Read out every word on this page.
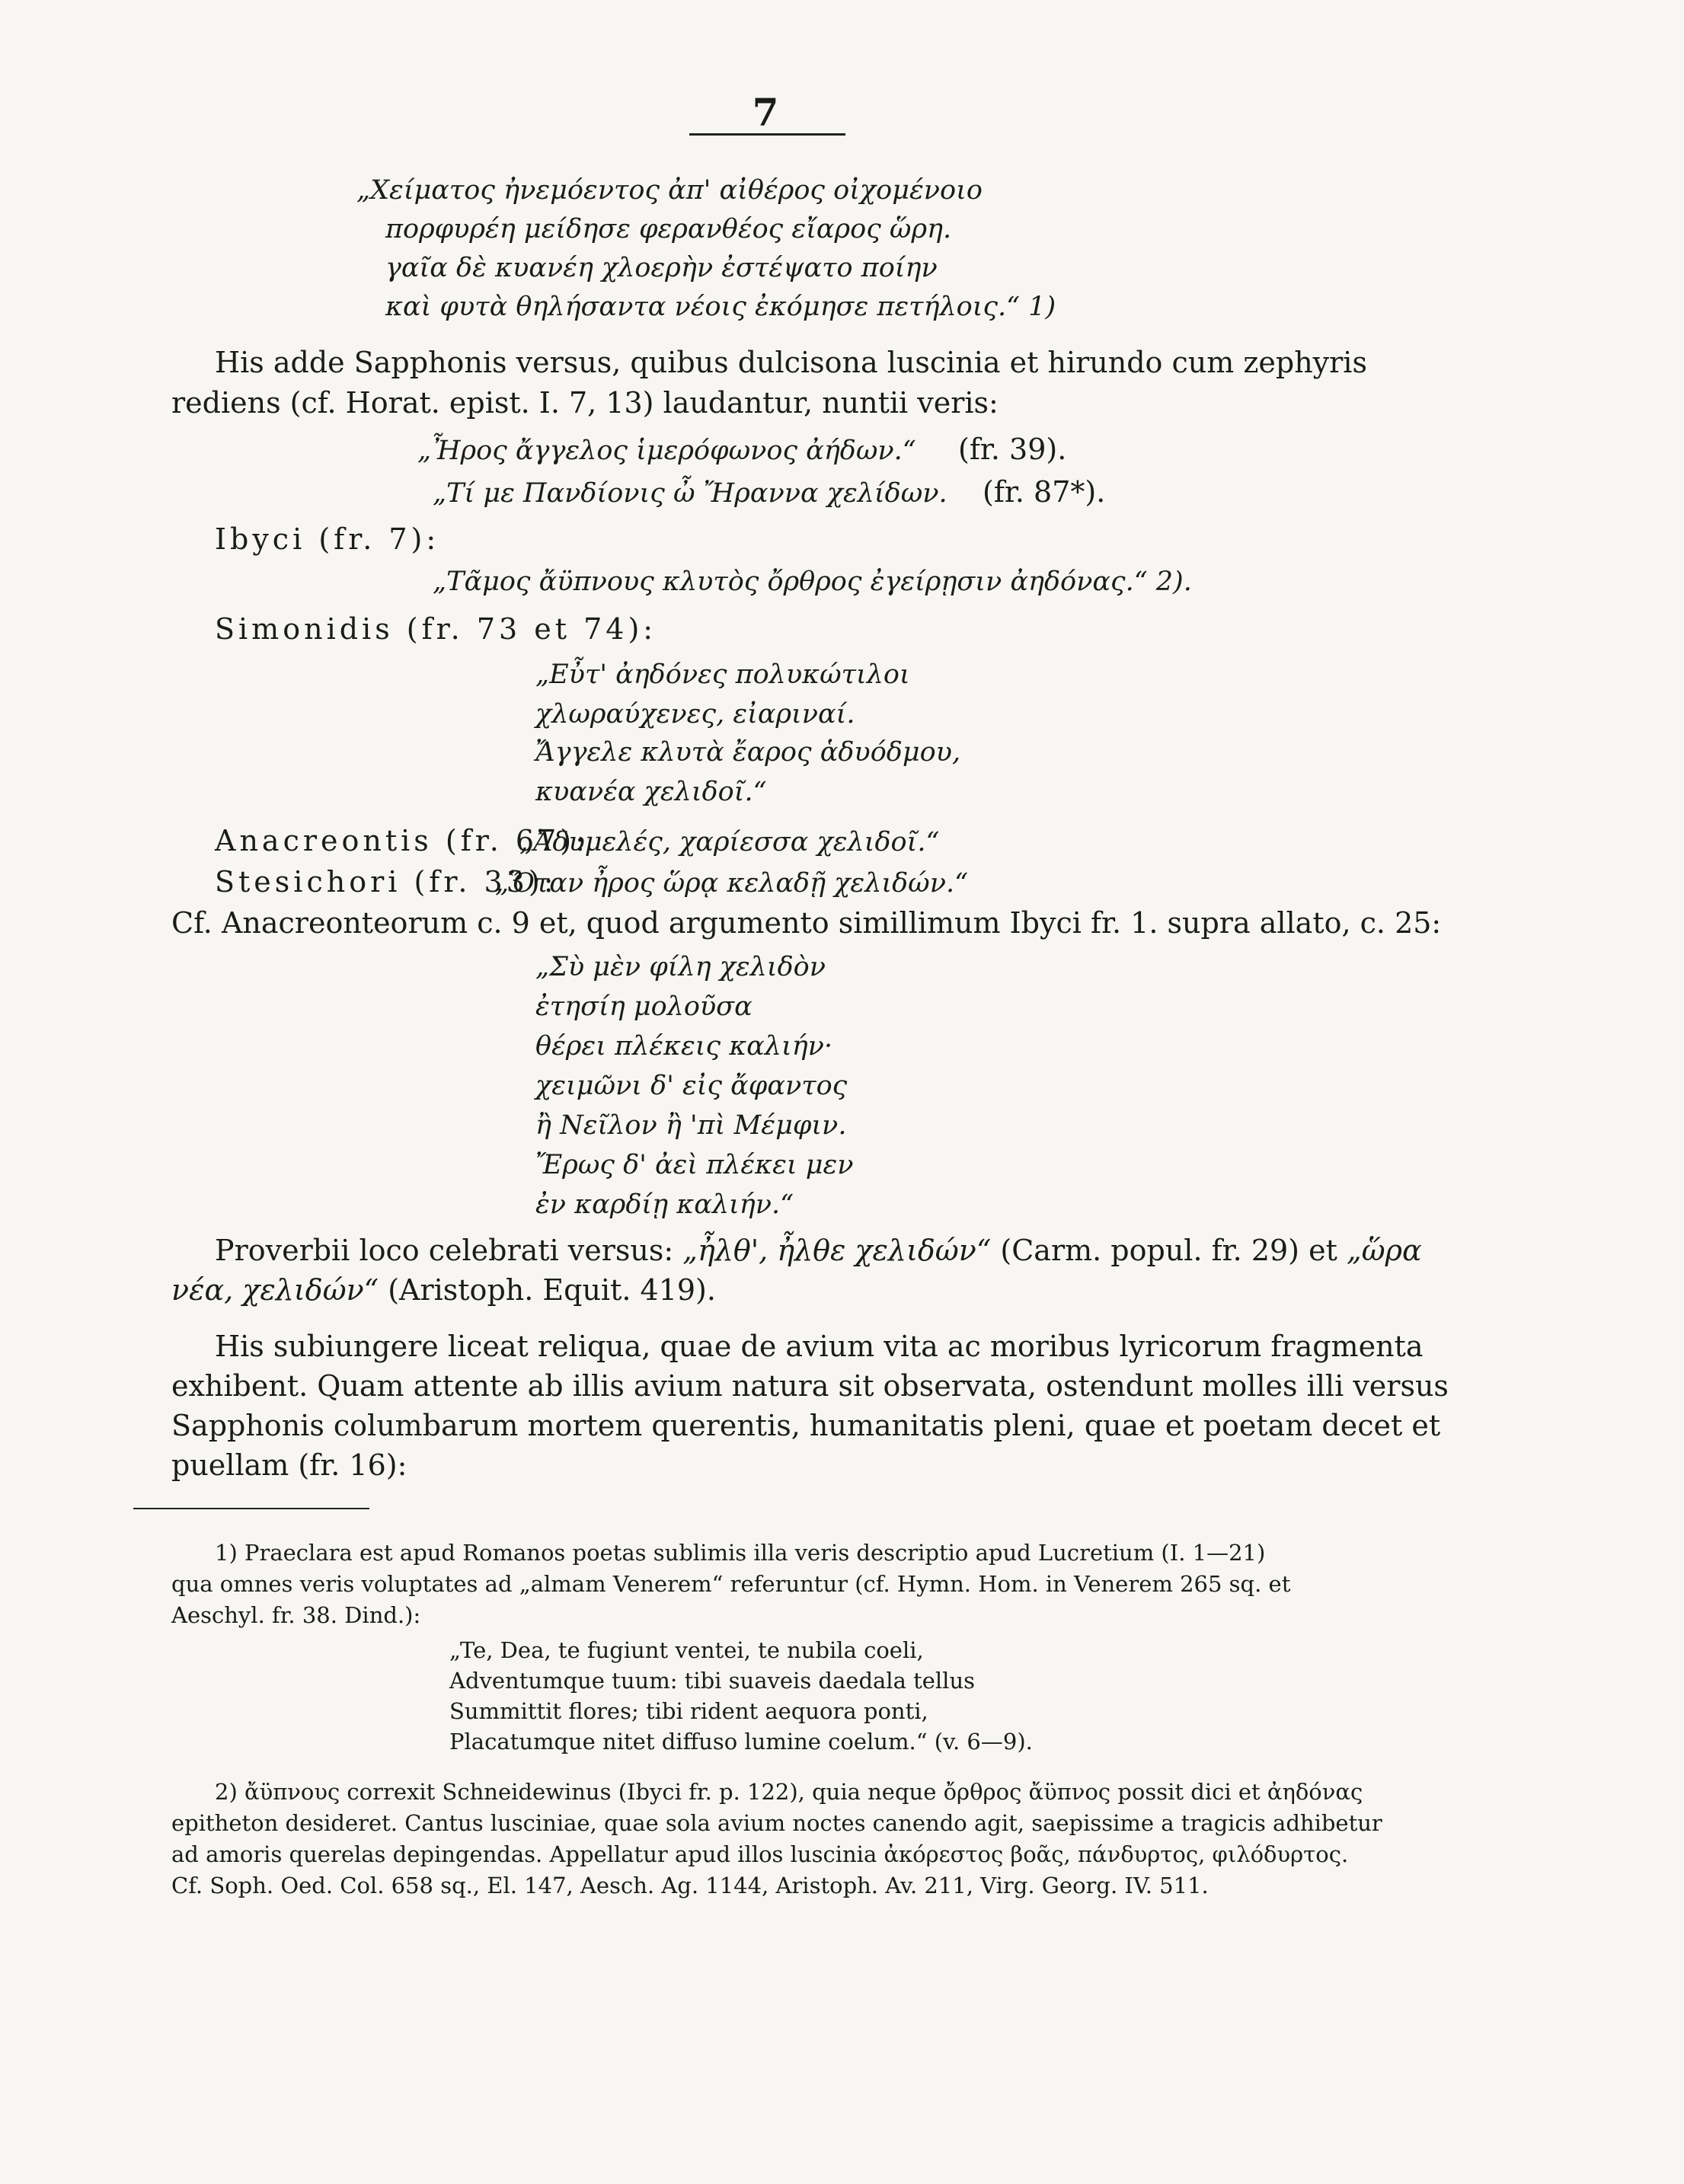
7
„Χείματος ἠνεμόεντος ἀπ' αἰθέρος οἰχομένοιο
πορφυρέη μείδησε φερανθέος εἴαρος ὥρη.
γαῖα δὲ κυανέη χλοερὴν ἐστέψατο ποίην
καὶ φυτὰ θηλήσαντα νέοις ἐκόμησε πετήλοις.“ 1)
His adde Sapphonis versus, quibus dulcisona luscinia et hirundo cum zephyris
rediens (cf. Horat. epist. I. 7, 13) laudantur, nuntii veris:
„Ἦρος ἄγγελος ἱμερόφωνος ἀήδων.“ (fr. 39).
„Τί με Πανδίονις ὦ Ἤραννα χελίδων. (fr. 87*).
Ibyci (fr. 7):
„Τᾶμος ἄϋπνους κλυτὸς ὄρθρος ἐγείρῃσιν ἀηδόνας.“ 2).
Simonidis (fr. 73 et 74):
„Εὖτ' ἀηδόνες πολυκώτιλοι
χλωραύχενες, εἰαριναί.
Ἄγγελε κλυτὰ ἔαρος ἁδυόδμου,
κυανέα χελιδοῖ.“
Anacreontis (fr. 67):
„Ἀδυμελές, χαρίεσσα χελιδοῖ.“
Stesichori (fr. 33):
„Ὅταν ἦρος ὥρᾳ κελαδῇ χελιδών.“
Cf. Anacreonteorum c. 9 et, quod argumento simillimum Ibyci fr. 1. supra allato, c. 25:
„Σὺ μὲν φίλη χελιδὸν
ἐτησίη μολοῦσα
θέρει πλέκεις καλιήν·
χειμῶνι δ' εἰς ἄφαντος
ἢ Νεῖλον ἢ 'πὶ Μέμφιν.
Ἔρως δ' ἀεὶ πλέκει μεν
ἐν καρδίῃ καλιήν.“
Proverbii loco celebrati versus: „ἦλθ', ἦλθε χελιδών“ (Carm. popul. fr. 29) et „ὥρα
νέα, χελιδών“ (Aristoph. Equit. 419).
His subiungere liceat reliqua, quae de avium vita ac moribus lyricorum fragmenta
exhibent. Quam attente ab illis avium natura sit observata, ostendunt molles illi versus
Sapphonis columbarum mortem querentis, humanitatis pleni, quae et poetam decet et
puellam (fr. 16):
1) Praeclara est apud Romanos poetas sublimis illa veris descriptio apud Lucretium (I. 1—21)
qua omnes veris voluptates ad „almam Venerem“ referuntur (cf. Hymn. Hom. in Venerem 265 sq. et
Aeschyl. fr. 38. Dind.):
„Te, Dea, te fugiunt ventei, te nubila coeli,
Adventumque tuum: tibi suaveis daedala tellus
Summittit flores; tibi rident aequora ponti,
Placatumque nitet diffuso lumine coelum.“ (v. 6—9).
2) ἄϋπνους correxit Schneidewinus (Ibyci fr. p. 122), quia neque ὄρθρος ἄϋπνος possit dici et ἀηδόνας
epitheton desideret. Cantus lusciniae, quae sola avium noctes canendo agit, saepissime a tragicis adhibetur
ad amoris querelas depingendas. Appellatur apud illos luscinia ἀκόρεστος βοᾶς, πάνδυρτος, φιλόδυρτος.
Cf. Soph. Oed. Col. 658 sq., El. 147, Aesch. Ag. 1144, Aristoph. Av. 211, Virg. Georg. IV. 511.
